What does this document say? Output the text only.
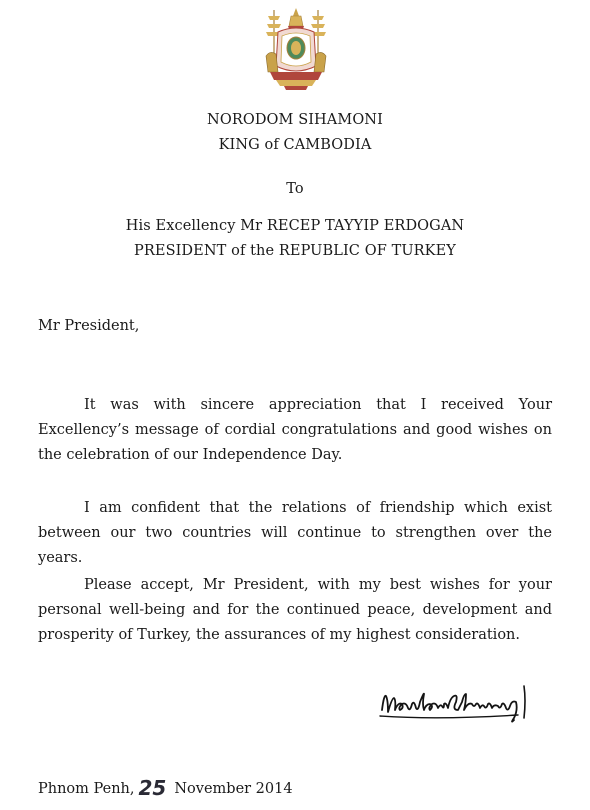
NORODOM SIHAMONI
KING of CAMBODIA
To
His Excellency Mr RECEP TAYYIP ERDOGAN
PRESIDENT of the REPUBLIC OF TURKEY
Mr President,

It was with sincere appreciation that I received Your Excellency’s message of cordial congratulations and good wishes on the celebration of our Independence Day.

I am confident that the relations of friendship which exist between our two countries will continue to strengthen over the years.

Please accept, Mr President, with my best wishes for your personal well-being and for the continued peace, development and prosperity of Turkey, the assurances of my highest consideration.

Phnom Penh, 25 November 2014
